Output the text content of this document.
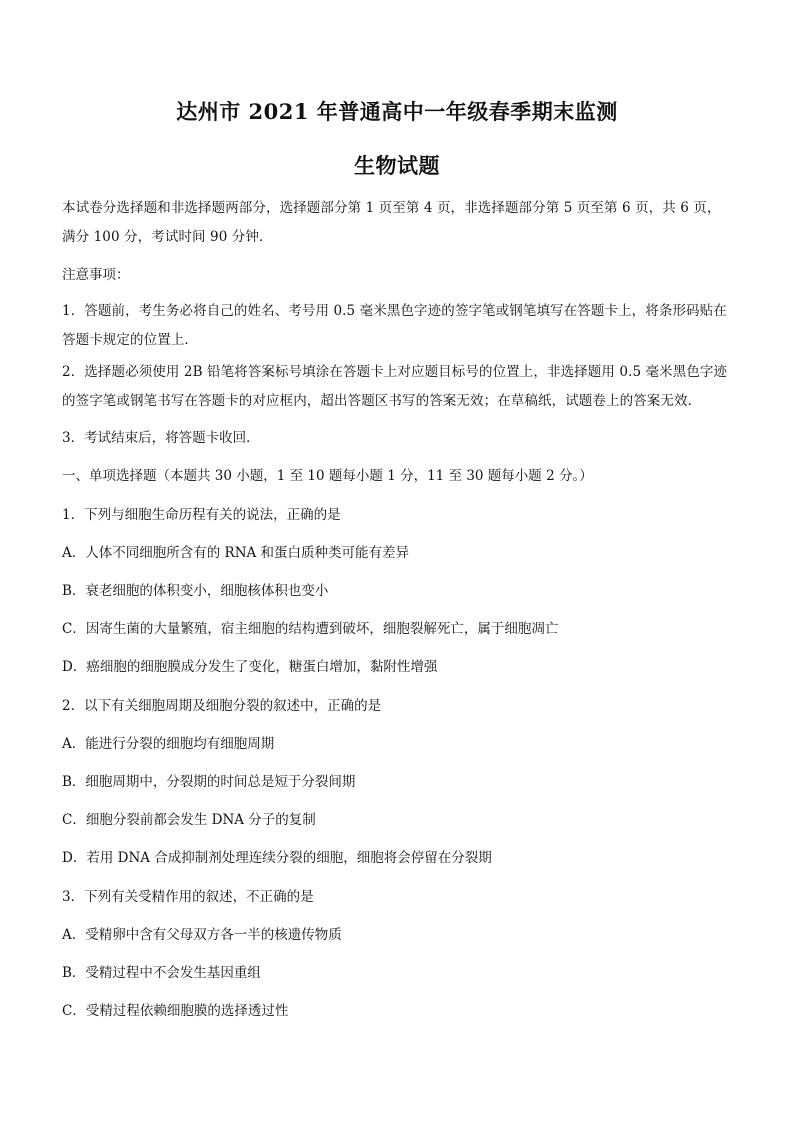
达州市 2021 年普通高中一年级春季期末监测
生物试题
本试卷分选择题和非选择题两部分，选择题部分第 1 页至第 4 页，非选择题部分第 5 页至第 6 页，共 6 页，满分 100 分，考试时间 90 分钟．
注意事项：
1．答题前，考生务必将自己的姓名、考号用 0.5 毫米黑色字迹的签字笔或钢笔填写在答题卡上，将条形码贴在答题卡规定的位置上．
2．选择题必须使用 2B 铅笔将答案标号填涂在答题卡上对应题目标号的位置上，非选择题用 0.5 毫米黑色字迹的签字笔或钢笔书写在答题卡的对应框内，超出答题区书写的答案无效；在草稿纸，试题卷上的答案无效．
3．考试结束后，将答题卡收回．
一、单项选择题（本题共 30 小题，1 至 10 题每小题 1 分，11 至 30 题每小题 2 分。）
1．下列与细胞生命历程有关的说法，正确的是
A．人体不同细胞所含有的 RNA 和蛋白质种类可能有差异
B．衰老细胞的体积变小，细胞核体积也变小
C．因寄生菌的大量繁殖，宿主细胞的结构遭到破坏，细胞裂解死亡，属于细胞凋亡
D．癌细胞的细胞膜成分发生了变化，糖蛋白增加，黏附性增强
2．以下有关细胞周期及细胞分裂的叙述中，正确的是
A．能进行分裂的细胞均有细胞周期
B．细胞周期中，分裂期的时间总是短于分裂间期
C．细胞分裂前都会发生 DNA 分子的复制
D．若用 DNA 合成抑制剂处理连续分裂的细胞，细胞将会停留在分裂期
3．下列有关受精作用的叙述，不正确的是
A．受精卵中含有父母双方各一半的核遗传物质
B．受精过程中不会发生基因重组
C．受精过程依赖细胞膜的选择透过性
